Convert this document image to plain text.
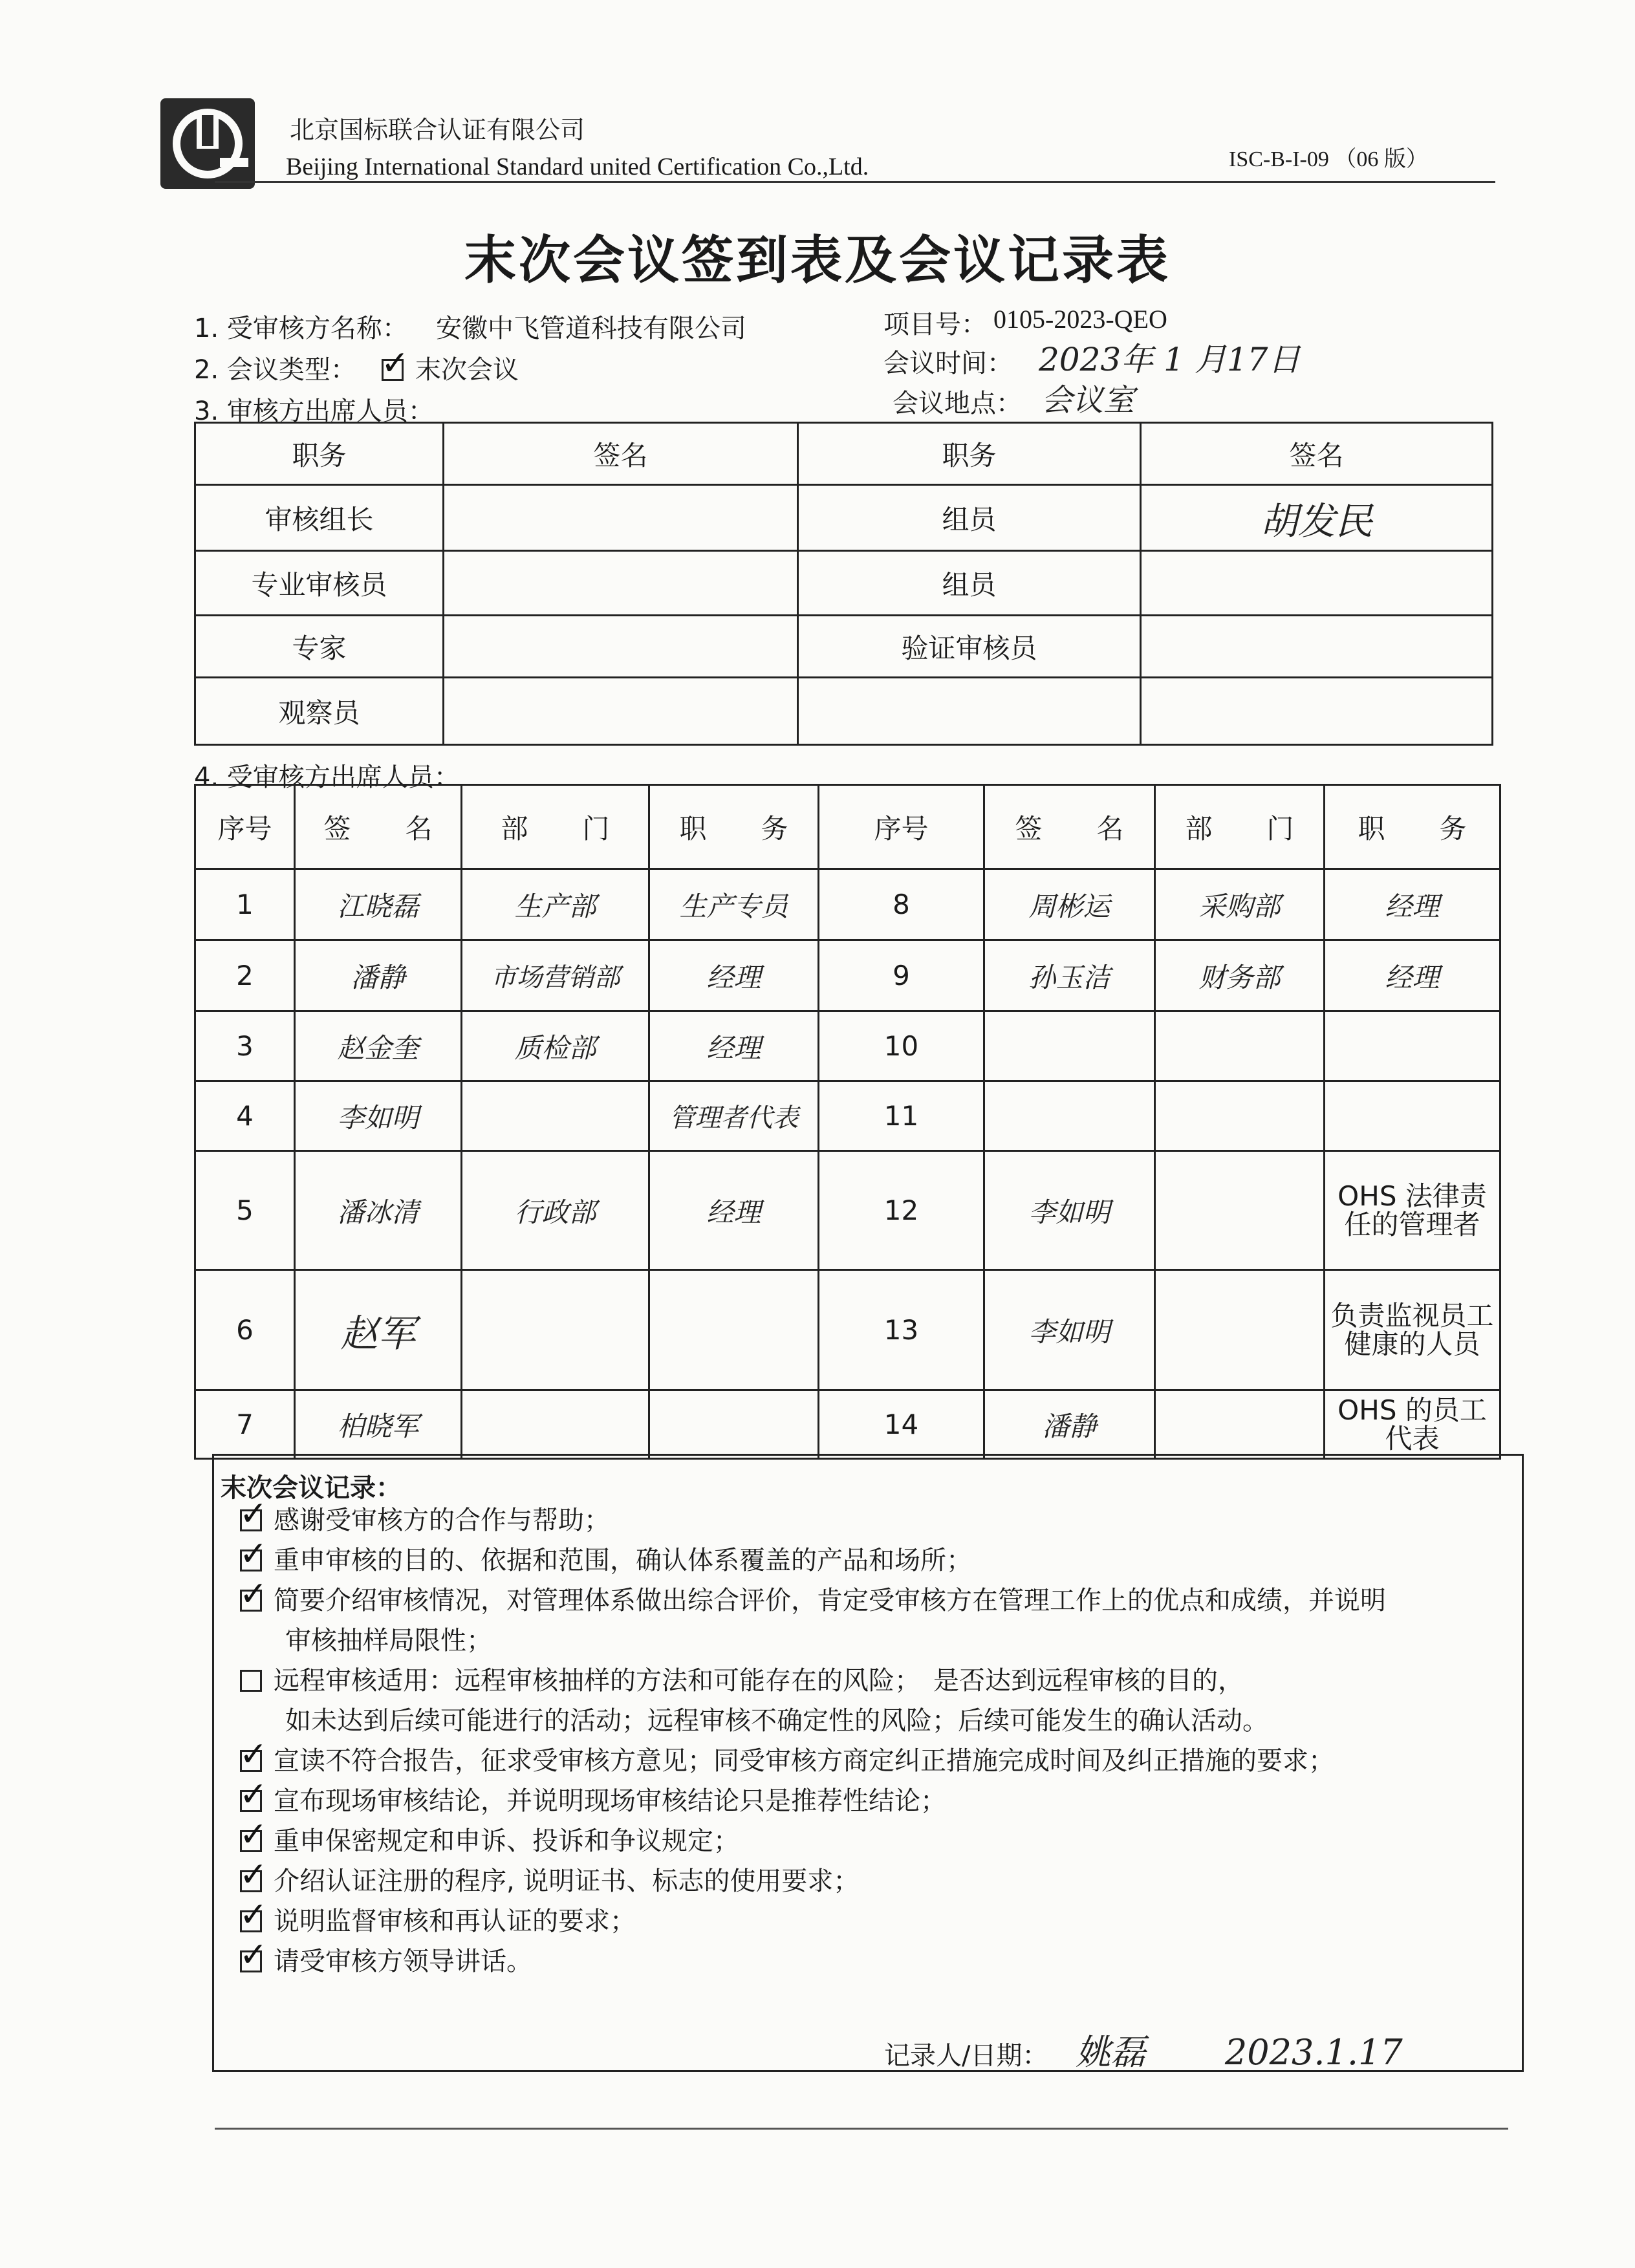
北京国标联合认证有限公司
Beijing International Standard united Certification Co.,Ltd.	ISC-B-I-09 （06 版）
末次会议签到表及会议记录表
1. 受审核方名称： 安徽中飞管道科技有限公司	项目号： 0105-2023-QEO
2. 会议类型： ✓	末次会议	会议时间： 2023年 1 月17日
3. 审核方出席人员：	会议地点： 会议室
职务	签名	职务	签名
审核组长		组员	胡发民
专业审核员		组员	
专家		验证审核员	
观察员			
4. 受审核方出席人员：
序号	签　　名	部　　门	职　　务	序号	签　　名	部　　门	职　　务
1	江晓磊	生产部	生产专员	8	周彬运	采购部	经理
2	潘静	市场营销部	经理	9	孙玉洁	财务部	经理
3	赵金奎	质检部	经理	10			
4	李如明		管理者代表	11			
5	潘冰清	行政部	经理	12	李如明		OHS 法律责任的管理者
6	赵军			13	李如明		负责监视员工健康的人员
7	柏晓军			14	潘静		OHS 的员工代表
末次会议记录：
✓感谢受审核方的合作与帮助；
✓重申审核的目的、依据和范围，确认体系覆盖的产品和场所；
✓简要介绍审核情况，对管理体系做出综合评价，肯定受审核方在管理工作上的优点和成绩，并说明
审核抽样局限性；
远程审核适用：远程审核抽样的方法和可能存在的风险；　是否达到远程审核的目的，
如未达到后续可能进行的活动；远程审核不确定性的风险；后续可能发生的确认活动。
✓宣读不符合报告，征求受审核方意见；同受审核方商定纠正措施完成时间及纠正措施的要求；
✓宣布现场审核结论，并说明现场审核结论只是推荐性结论；
✓重申保密规定和申诉、投诉和争议规定；
✓介绍认证注册的程序, 说明证书、标志的使用要求；
✓说明监督审核和再认证的要求；
✓请受审核方领导讲话。
记录人/日期： 姚磊 2023.1.17
